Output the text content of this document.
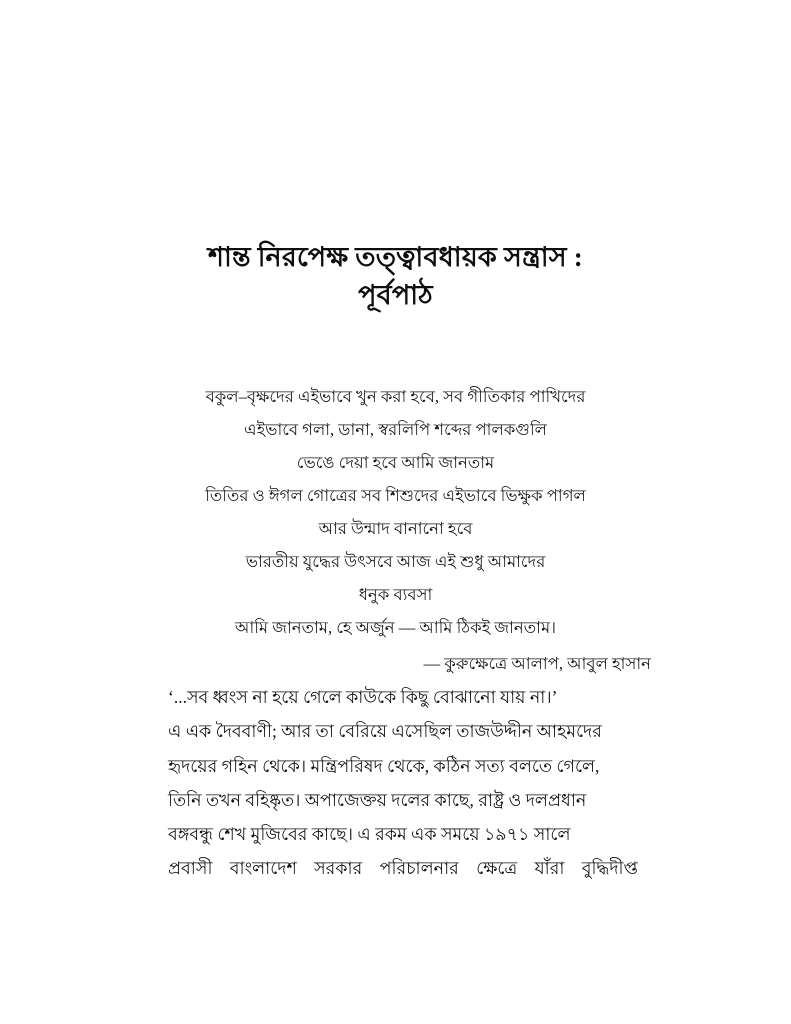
শান্ত নিরপেক্ষ তত্ত্বাবধায়ক সন্ত্রাস :
পূর্বপাঠ
বকুল–বৃক্ষদের এইভাবে খুন করা হবে, সব গীতিকার পাখিদের
এইভাবে গলা, ডানা, স্বরলিপি শব্দের পালকগুলি
ভেঙে দেয়া হবে আমি জানতাম
তিতির ও ঈগল গোত্রের সব শিশুদের এইভাবে ভিক্ষুক পাগল
আর উন্মাদ বানানো হবে
ভারতীয় যুদ্ধের উৎসবে আজ এই শুধু আমাদের
ধনুক ব্যবসা
আমি জানতাম, হে অর্জুন — আমি ঠিকই জানতাম।
— কুরুক্ষেত্রে আলাপ, আবুল হাসান
‘...সব ধ্বংস না হয়ে গেলে কাউকে কিছু বোঝানো যায় না।’
এ এক দৈববাণী; আর তা বেরিয়ে এসেছিল তাজউদ্দীন আহমদের
হৃদয়ের গহিন থেকে। মন্ত্রিপরিষদ থেকে, কঠিন সত্য বলতে গেলে,
তিনি তখন বহিষ্কৃত। অপাজেক্তয় দলের কাছে, রাষ্ট্র ও দলপ্রধান
বঙ্গবন্ধু শেখ মুজিবের কাছে। এ রকম এক সময়ে ১৯৭১ সালে
প্রবাসী বাংলাদেশ সরকার পরিচালনার ক্ষেত্রে যাঁরা বুদ্ধিদীপ্ত
